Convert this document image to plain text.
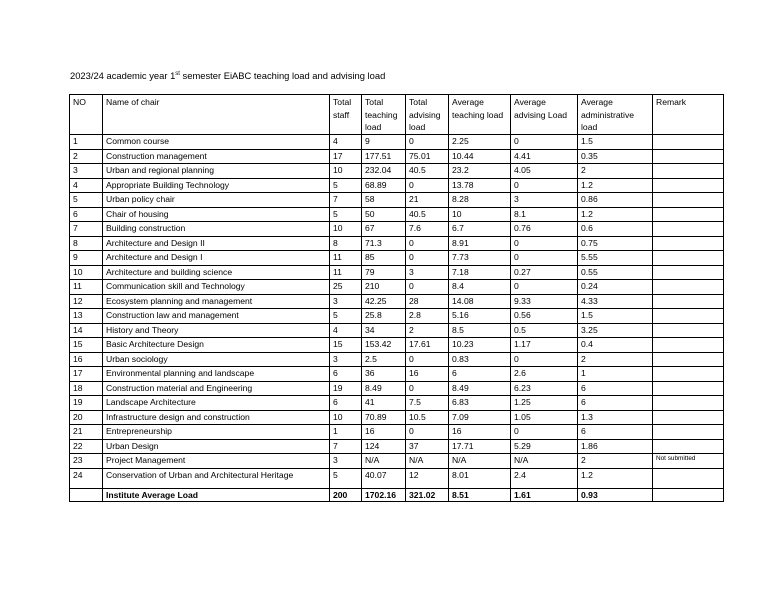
2023/24 academic year 1st semester EiABC teaching load and advising load
NO	Name of chair	Total staff	Total teaching load	Total advising load	Average teaching load	Average advising Load	Average administrative load	Remark
1	Common course	4	9	0	2.25	0	1.5	
2	Construction management	17	177.51	75.01	10.44	4.41	0.35	
3	Urban and regional planning	10	232.04	40.5	23.2	4.05	2	
4	Appropriate Building Technology	5	68.89	0	13.78	0	1.2	
5	Urban policy chair	7	58	21	8.28	3	0.86	
6	Chair of housing	5	50	40.5	10	8.1	1.2	
7	Building construction	10	67	7.6	6.7	0.76	0.6	
8	Architecture and Design II	8	71.3	0	8.91	0	0.75	
9	Architecture and Design I	11	85	0	7.73	0	5.55	
10	Architecture and building science	11	79	3	7.18	0.27	0.55	
11	Communication skill and Technology	25	210	0	8.4	0	0.24	
12	Ecosystem planning and management	3	42.25	28	14.08	9.33	4.33	
13	Construction law and management	5	25.8	2.8	5.16	0.56	1.5	
14	History and Theory	4	34	2	8.5	0.5	3.25	
15	Basic Architecture Design	15	153.42	17.61	10.23	1.17	0.4	
16	Urban sociology	3	2.5	0	0.83	0	2	
17	Environmental planning and landscape	6	36	16	6	2.6	1	
18	Construction material and Engineering	19	8.49	0	8.49	6.23	6	
19	Landscape Architecture	6	41	7.5	6.83	1.25	6	
20	Infrastructure design and construction	10	70.89	10.5	7.09	1.05	1.3	
21	Entrepreneurship	1	16	0	16	0	6	
22	Urban Design	7	124	37	17.71	5.29	1.86	
23	Project Management	3	N/A	N/A	N/A	N/A	2	Not submitted
24	Conservation of Urban and Architectural Heritage	5	40.07	12	8.01	2.4	1.2	
	Institute Average Load	200	1702.16	321.02	8.51	1.61	0.93	
